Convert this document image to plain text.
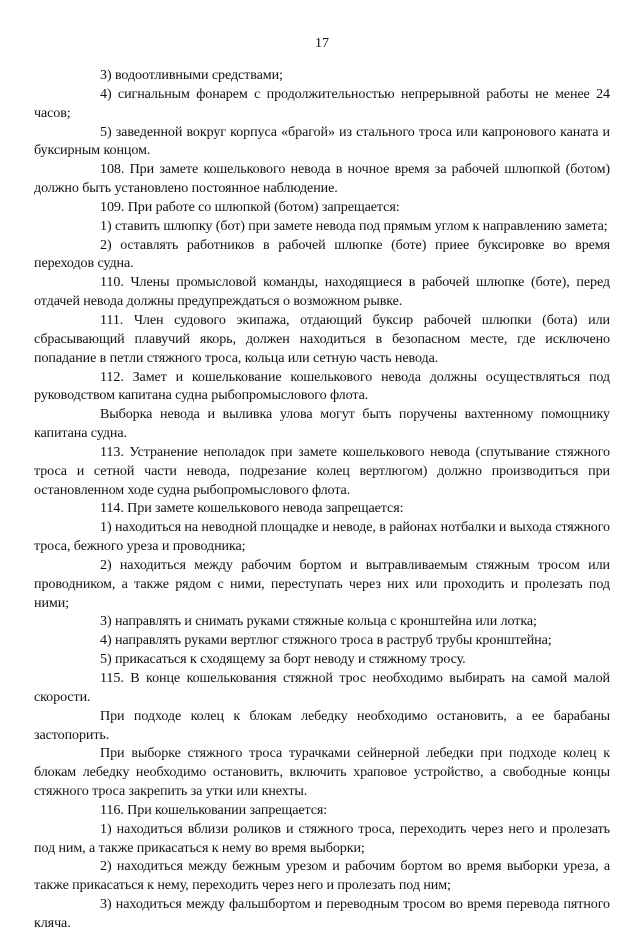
17

3) водоотливными средствами;

4) сигнальным фонарем с продолжительностью непрерывной работы не менее 24 часов;

5) заведенной вокруг корпуса «брагой» из стального троса или капронового каната и буксирным концом.

108. При замете кошелькового невода в ночное время за рабочей шлюпкой (ботом) должно быть установлено постоянное наблюдение.

109. При работе со шлюпкой (ботом) запрещается:

1) ставить шлюпку (бот) при замете невода под прямым углом к направлению замета;

2) оставлять работников в рабочей шлюпке (боте) приее буксировке во время переходов судна.

110. Члены промысловой команды, находящиеся в рабочей шлюпке (боте), перед отдачей невода должны предупреждаться о возможном рывке.

111. Член судового экипажа, отдающий буксир рабочей шлюпки (бота) или сбрасывающий плавучий якорь, должен находиться в безопасном месте, где исключено попадание в петли стяжного троса, кольца или сетную часть невода.

112. Замет и кошелькование кошелькового невода должны осуществляться под руководством капитана судна рыбопромыслового флота.

Выборка невода и выливка улова могут быть поручены вахтенному помощнику капитана судна.

113. Устранение неполадок при замете кошелькового невода (спутывание стяжного троса и сетной части невода, подрезание колец вертлюгом) должно производиться при остановленном ходе судна рыбопромыслового флота.

114. При замете кошелькового невода запрещается:

1) находиться на неводной площадке и неводе, в районах нотбалки и выхода стяжного троса, бежного уреза и проводника;

2) находиться между рабочим бортом и вытравливаемым стяжным тросом или проводником, а также рядом с ними, переступать через них или проходить и пролезать под ними;

3) направлять и снимать руками стяжные кольца с кронштейна или лотка;

4) направлять руками вертлюг стяжного троса в раструб трубы кронштейна;

5) прикасаться к сходящему за борт неводу и стяжному тросу.

115. В конце кошелькования стяжной трос необходимо выбирать на самой малой скорости.

При подходе колец к блокам лебедку необходимо остановить, а ее барабаны застопорить.

При выборке стяжного троса турачками сейнерной лебедки при подходе колец к блокам лебедку необходимо остановить, включить храповое устройство, а свободные концы стяжного троса закрепить за утки или кнехты.

116. При кошельковании запрещается:

1) находиться вблизи роликов и стяжного троса, переходить через него и пролезать под ним, а также прикасаться к нему во время выборки;

2) находиться между бежным урезом и рабочим бортом во время выборки уреза, а также прикасаться к нему, переходить через него и пролезать под ним;

3) находиться между фальшбортом и переводным тросом во время перевода пятного кляча.
